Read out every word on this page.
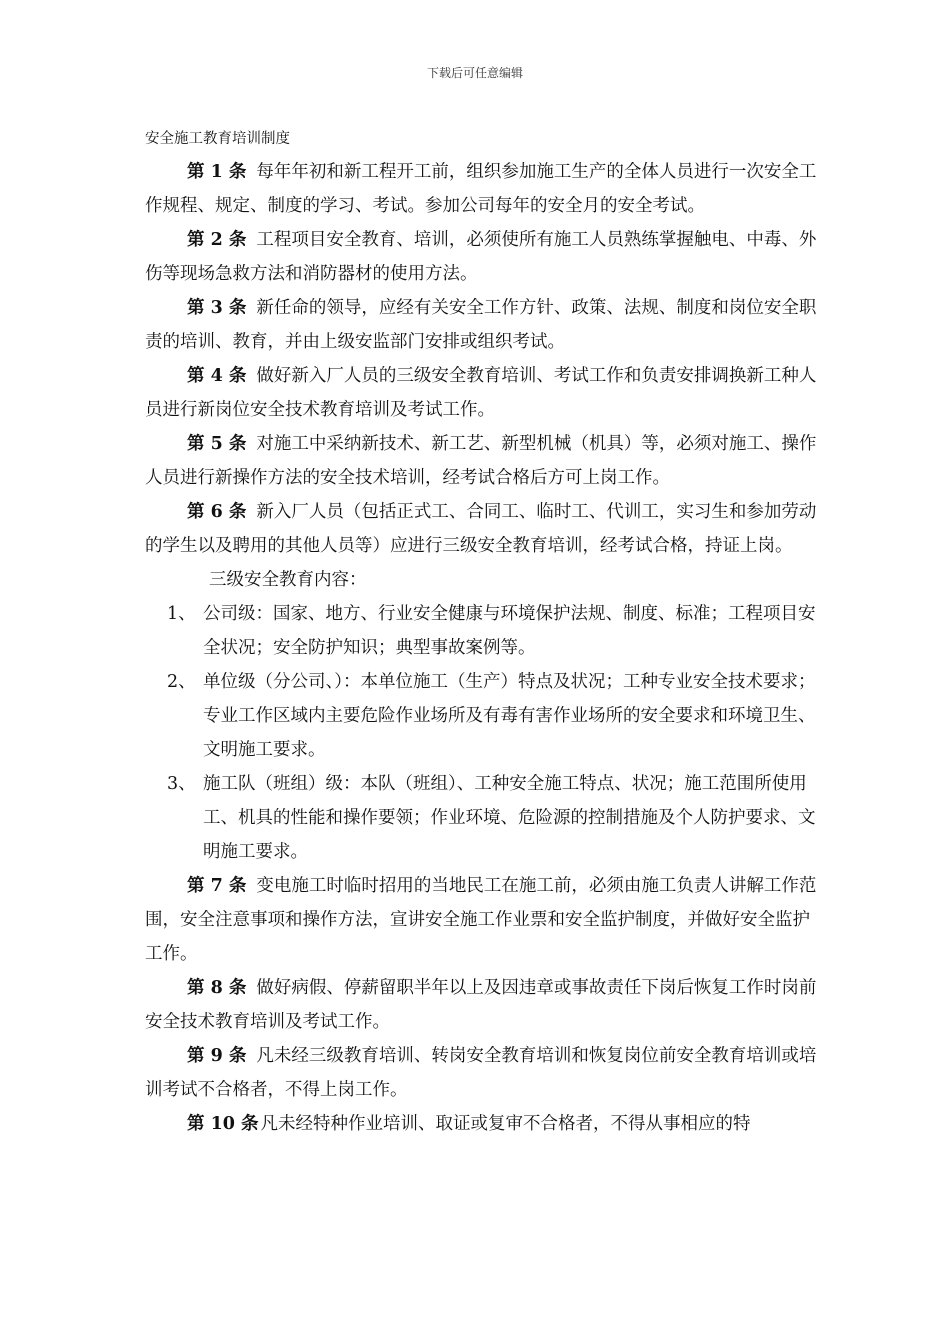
下载后可任意编辑
安全施工教育培训制度

第 1 条 每年年初和新工程开工前，组织参加施工生产的全体人员进行一次安全工作规程、规定、制度的学习、考试。参加公司每年的安全月的安全考试。

第 2 条 工程项目安全教育、培训，必须使所有施工人员熟练掌握触电、中毒、外伤等现场急救方法和消防器材的使用方法。

第 3 条 新任命的领导，应经有关安全工作方针、政策、法规、制度和岗位安全职责的培训、教育，并由上级安监部门安排或组织考试。

第 4 条 做好新入厂人员的三级安全教育培训、考试工作和负责安排调换新工种人员进行新岗位安全技术教育培训及考试工作。

第 5 条 对施工中采纳新技术、新工艺、新型机械（机具）等，必须对施工、操作人员进行新操作方法的安全技术培训，经考试合格后方可上岗工作。

第 6 条 新入厂人员（包括正式工、合同工、临时工、代训工，实习生和参加劳动的学生以及聘用的其他人员等）应进行三级安全教育培训，经考试合格，持证上岗。

三级安全教育内容：

1、 公司级：国家、地方、行业安全健康与环境保护法规、制度、标准；工程项目安全状况；安全防护知识；典型事故案例等。

2、 单位级（分公司、）：本单位施工（生产）特点及状况；工种专业安全技术要求；专业工作区域内主要危险作业场所及有毒有害作业场所的安全要求和环境卫生、文明施工要求。

3、 施工队（班组）级：本队（班组）、工种安全施工特点、状况；施工范围所使用工、机具的性能和操作要领；作业环境、危险源的控制措施及个人防护要求、文明施工要求。

第 7 条 变电施工时临时招用的当地民工在施工前，必须由施工负责人讲解工作范围，安全注意事项和操作方法，宣讲安全施工作业票和安全监护制度，并做好安全监护工作。

第 8 条 做好病假、停薪留职半年以上及因违章或事故责任下岗后恢复工作时岗前安全技术教育培训及考试工作。

第 9 条 凡未经三级教育培训、转岗安全教育培训和恢复岗位前安全教育培训或培训考试不合格者，不得上岗工作。

第 10 条 凡未经特种作业培训、取证或复审不合格者，不得从事相应的特
